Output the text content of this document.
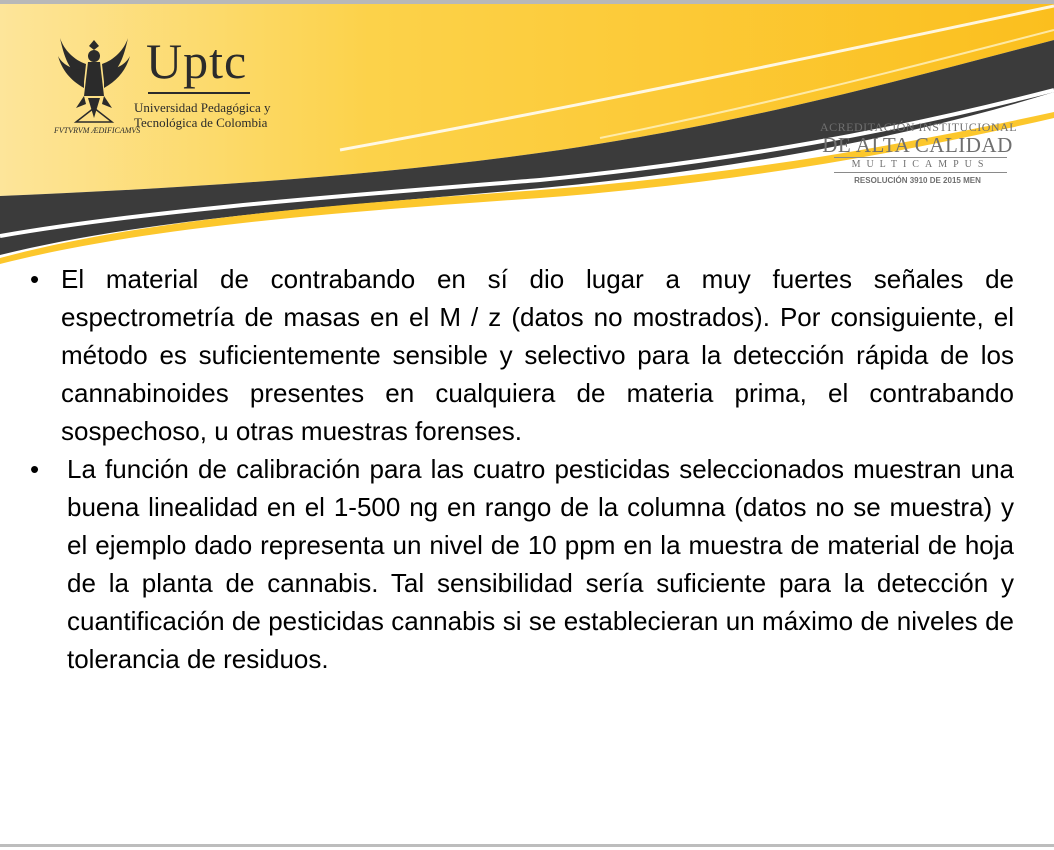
Uptc
Universidad Pedagógica y
Tecnológica de Colombia
FVTVRVM ÆDIFICAMVS	ACREDITACIÓN INSTITUCIONAL
DE ALTA CALIDAD
MULTICAMPUS
RESOLUCIÓN 3910 DE 2015 MEN
• El material de contrabando en sí dio lugar a muy fuertes señales de espectrometría de masas en el M / z (datos no mostrados). Por consiguiente, el método es suficientemente sensible y selectivo para la detección rápida de los cannabinoides presentes en cualquiera de materia prima, el contrabando sospechoso, u otras muestras forenses.
•	La función de calibración para las cuatro pesticidas seleccionados muestran una buena linealidad en el 1-500 ng en rango de la columna (datos no se muestra) y el ejemplo dado representa un nivel de 10 ppm en la muestra de material de hoja de la planta de cannabis. Tal sensibilidad sería suficiente para la detección y cuantificación de pesticidas cannabis si se establecieran un máximo de niveles de tolerancia de residuos.
